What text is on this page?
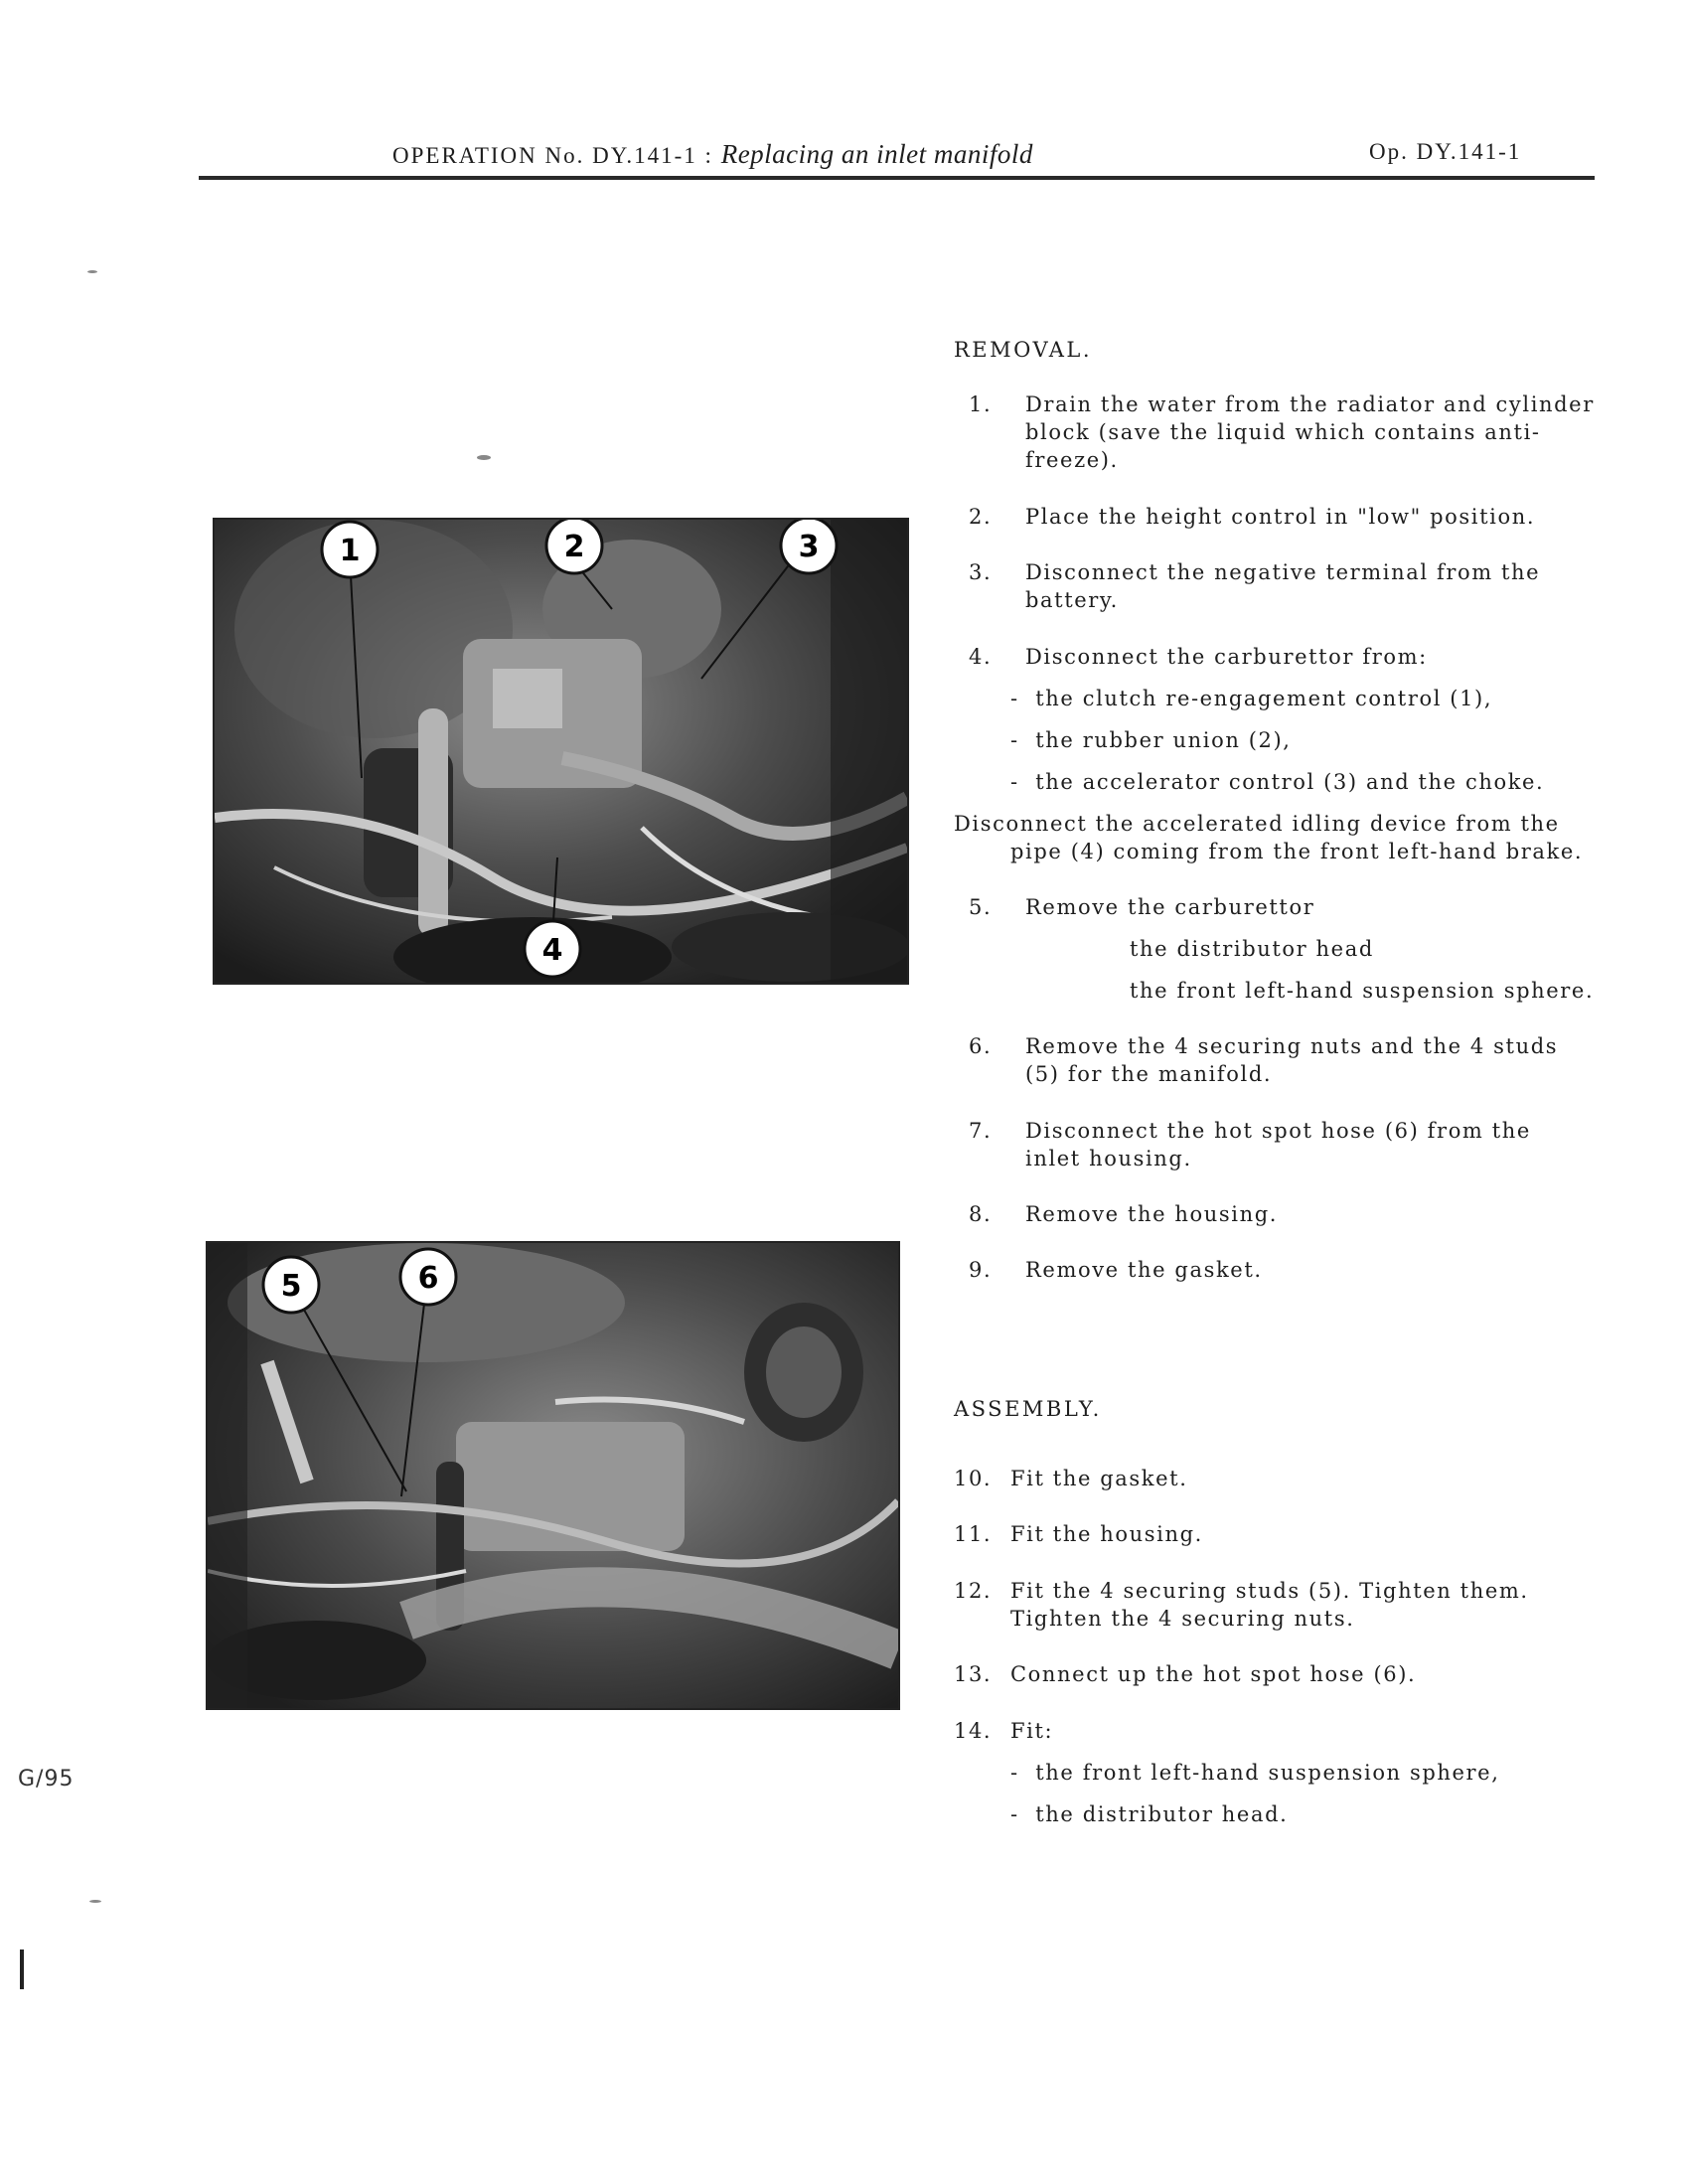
OPERATION No. DY.141-1 : Replacing an inlet manifold	Op. DY.141-1
1	2	3
4
5	6
REMOVAL.
1. Drain the water from the radiator and cylinder
block (save the liquid which contains anti-
freeze).
2. Place the height control in "low" position.
3. Disconnect the negative terminal from the
battery.
4. Disconnect the carburettor from:
-  the clutch re-engagement control (1),
-  the rubber union (2),
-  the accelerator control (3) and the choke.
Disconnect the accelerated idling device from the
pipe (4) coming from the front left-hand brake.
5. Remove the carburettor
the distributor head
the front left-hand suspension sphere.
6. Remove the 4 securing nuts and the 4 studs
(5) for the manifold.
7. Disconnect the hot spot hose (6) from the
inlet housing.
8. Remove the housing.
9. Remove the gasket.
ASSEMBLY.
10. Fit the gasket.
11. Fit the housing.
12. Fit the 4 securing studs (5). Tighten them.
Tighten the 4 securing nuts.
13. Connect up the hot spot hose (6).
14. Fit:
-  the front left-hand suspension sphere,
-  the distributor head.
G/95
